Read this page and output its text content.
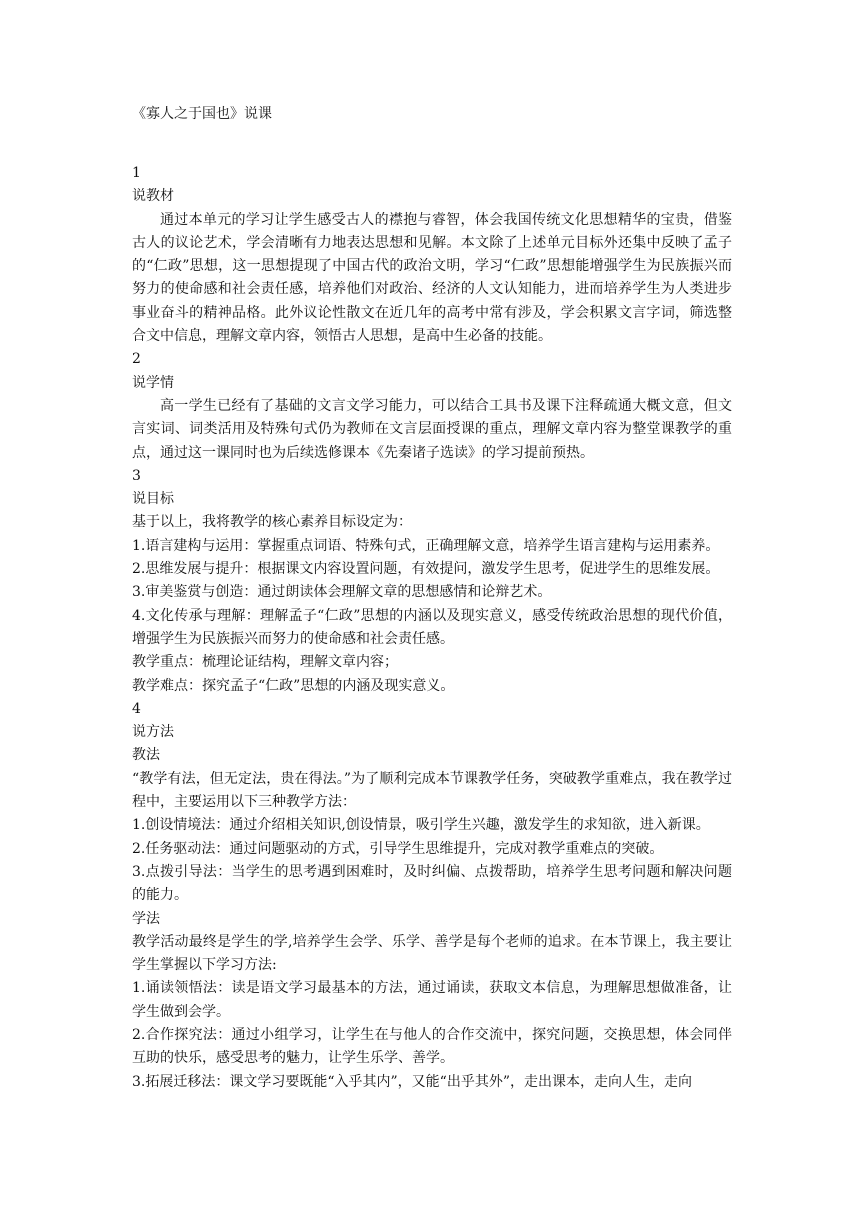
《寡人之于国也》说课

1

说教材

通过本单元的学习让学生感受古人的襟抱与睿智，体会我国传统文化思想精华的宝贵，借鉴古人的议论艺术，学会清晰有力地表达思想和见解。本文除了上述单元目标外还集中反映了孟子的“仁政”思想，这一思想提现了中国古代的政治文明，学习“仁政”思想能增强学生为民族振兴而努力的使命感和社会责任感，培养他们对政治、经济的人文认知能力，进而培养学生为人类进步事业奋斗的精神品格。此外议论性散文在近几年的高考中常有涉及，学会积累文言字词，筛选整合文中信息，理解文章内容，领悟古人思想，是高中生必备的技能。

2

说学情

高一学生已经有了基础的文言文学习能力，可以结合工具书及课下注释疏通大概文意，但文言实词、词类活用及特殊句式仍为教师在文言层面授课的重点，理解文章内容为整堂课教学的重点，通过这一课同时也为后续选修课本《先秦诸子选读》的学习提前预热。

3

说目标

基于以上，我将教学的核心素养目标设定为：

1.语言建构与运用：掌握重点词语、特殊句式，正确理解文意，培养学生语言建构与运用素养。

2.思维发展与提升：根据课文内容设置问题，有效提问，激发学生思考，促进学生的思维发展。

3.审美鉴赏与创造：通过朗读体会理解文章的思想感情和论辩艺术。

4.文化传承与理解：理解孟子“仁政”思想的内涵以及现实意义，感受传统政治思想的现代价值，增强学生为民族振兴而努力的使命感和社会责任感。

教学重点：梳理论证结构，理解文章内容；

教学难点：探究孟子“仁政”思想的内涵及现实意义。

4

说方法

教法

“教学有法，但无定法，贵在得法。”为了顺利完成本节课教学任务，突破教学重难点，我在教学过程中，主要运用以下三种教学方法：

1.创设情境法：通过介绍相关知识,创设情景，吸引学生兴趣，激发学生的求知欲，进入新课。

2.任务驱动法：通过问题驱动的方式，引导学生思维提升，完成对教学重难点的突破。

3.点拨引导法：当学生的思考遇到困难时，及时纠偏、点拨帮助，培养学生思考问题和解决问题的能力。

学法

教学活动最终是学生的学,培养学生会学、乐学、善学是每个老师的追求。在本节课上，我主要让学生掌握以下学习方法:

1.诵读领悟法：读是语文学习最基本的方法，通过诵读，获取文本信息，为理解思想做准备，让学生做到会学。

2.合作探究法：通过小组学习，让学生在与他人的合作交流中，探究问题，交换思想，体会同伴互助的快乐，感受思考的魅力，让学生乐学、善学。

3.拓展迁移法：课文学习要既能“入乎其内”，又能“出乎其外”，走出课本，走向人生，走向
